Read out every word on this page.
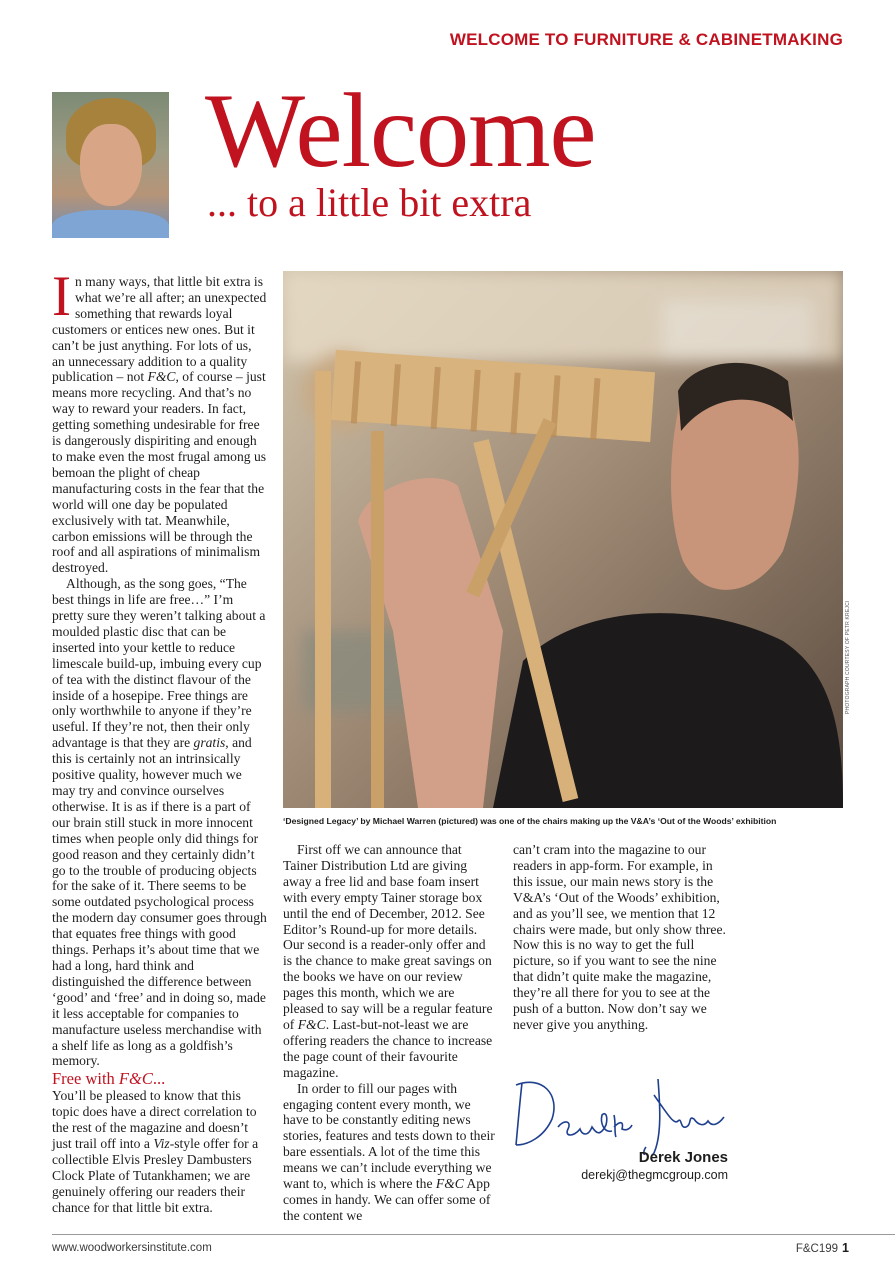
WELCOME TO FURNITURE & CABINETMAKING
Welcome
... to a little bit extra

In many ways, that little bit extra is what we’re all after; an unexpected something that rewards loyal customers or entices new ones. But it can’t be just anything. For lots of us, an unnecessary addition to a quality publication – not F&C, of course – just means more recycling. And that’s no way to reward your readers. In fact, getting something undesirable for free is dangerously dispiriting and enough to make even the most frugal among us bemoan the plight of cheap manufacturing costs in the fear that the world will one day be populated exclusively with tat. Meanwhile, carbon emissions will be through the roof and all aspirations of minimalism destroyed.

Although, as the song goes, “The best things in life are free…” I’m pretty sure they weren’t talking about a moulded plastic disc that can be inserted into your kettle to reduce limescale build-up, imbuing every cup of tea with the distinct flavour of the inside of a hosepipe. Free things are only worthwhile to anyone if they’re useful. If they’re not, then their only advantage is that they are gratis, and this is certainly not an intrinsically positive quality, however much we may try and convince ourselves otherwise. It is as if there is a part of our brain still stuck in more innocent times when people only did things for good reason and they certainly didn’t go to the trouble of producing objects for the sake of it. There seems to be some outdated psychological process the modern day consumer goes through that equates free things with good things. Perhaps it’s about time that we had a long, hard think and distinguished the difference between ‘good’ and ‘free’ and in doing so, made it less acceptable for companies to manufacture useless merchandise with a shelf life as long as a goldfish’s memory.

Free with F&C...

You’ll be pleased to know that this topic does have a direct correlation to the rest of the magazine and doesn’t just trail off into a Viz-style offer for a collectible Elvis Presley Dambusters Clock Plate of Tutankhamen; we are genuinely offering our readers their chance for that little bit extra.

PHOTOGRAPH COURTESY OF PETR KREJCI
‘Designed Legacy’ by Michael Warren (pictured) was one of the chairs making up the V&A’s ‘Out of the Woods’ exhibition

First off we can announce that Tainer Distribution Ltd are giving away a free lid and base foam insert with every empty Tainer storage box until the end of December, 2012. See Editor’s Round-up for more details. Our second is a reader-only offer and is the chance to make great savings on the books we have on our review pages this month, which we are pleased to say will be a regular feature of F&C. Last-but-not-least we are offering readers the chance to increase the page count of their favourite magazine.

In order to fill our pages with engaging content every month, we have to be constantly editing news stories, features and tests down to their bare essentials. A lot of the time this means we can’t include everything we want to, which is where the F&C App comes in handy. We can offer some of the content we

can’t cram into the magazine to our readers in app-form. For example, in this issue, our main news story is the V&A’s ‘Out of the Woods’ exhibition, and as you’ll see, we mention that 12 chairs were made, but only show three. Now this is no way to get the full picture, so if you want to see the nine that didn’t quite make the magazine, they’re all there for you to see at the push of a button. Now don’t say we never give you anything.

Derek Jones
derekj@thegmcgroup.com
www.woodworkersinstitute.com	F&C199 1
